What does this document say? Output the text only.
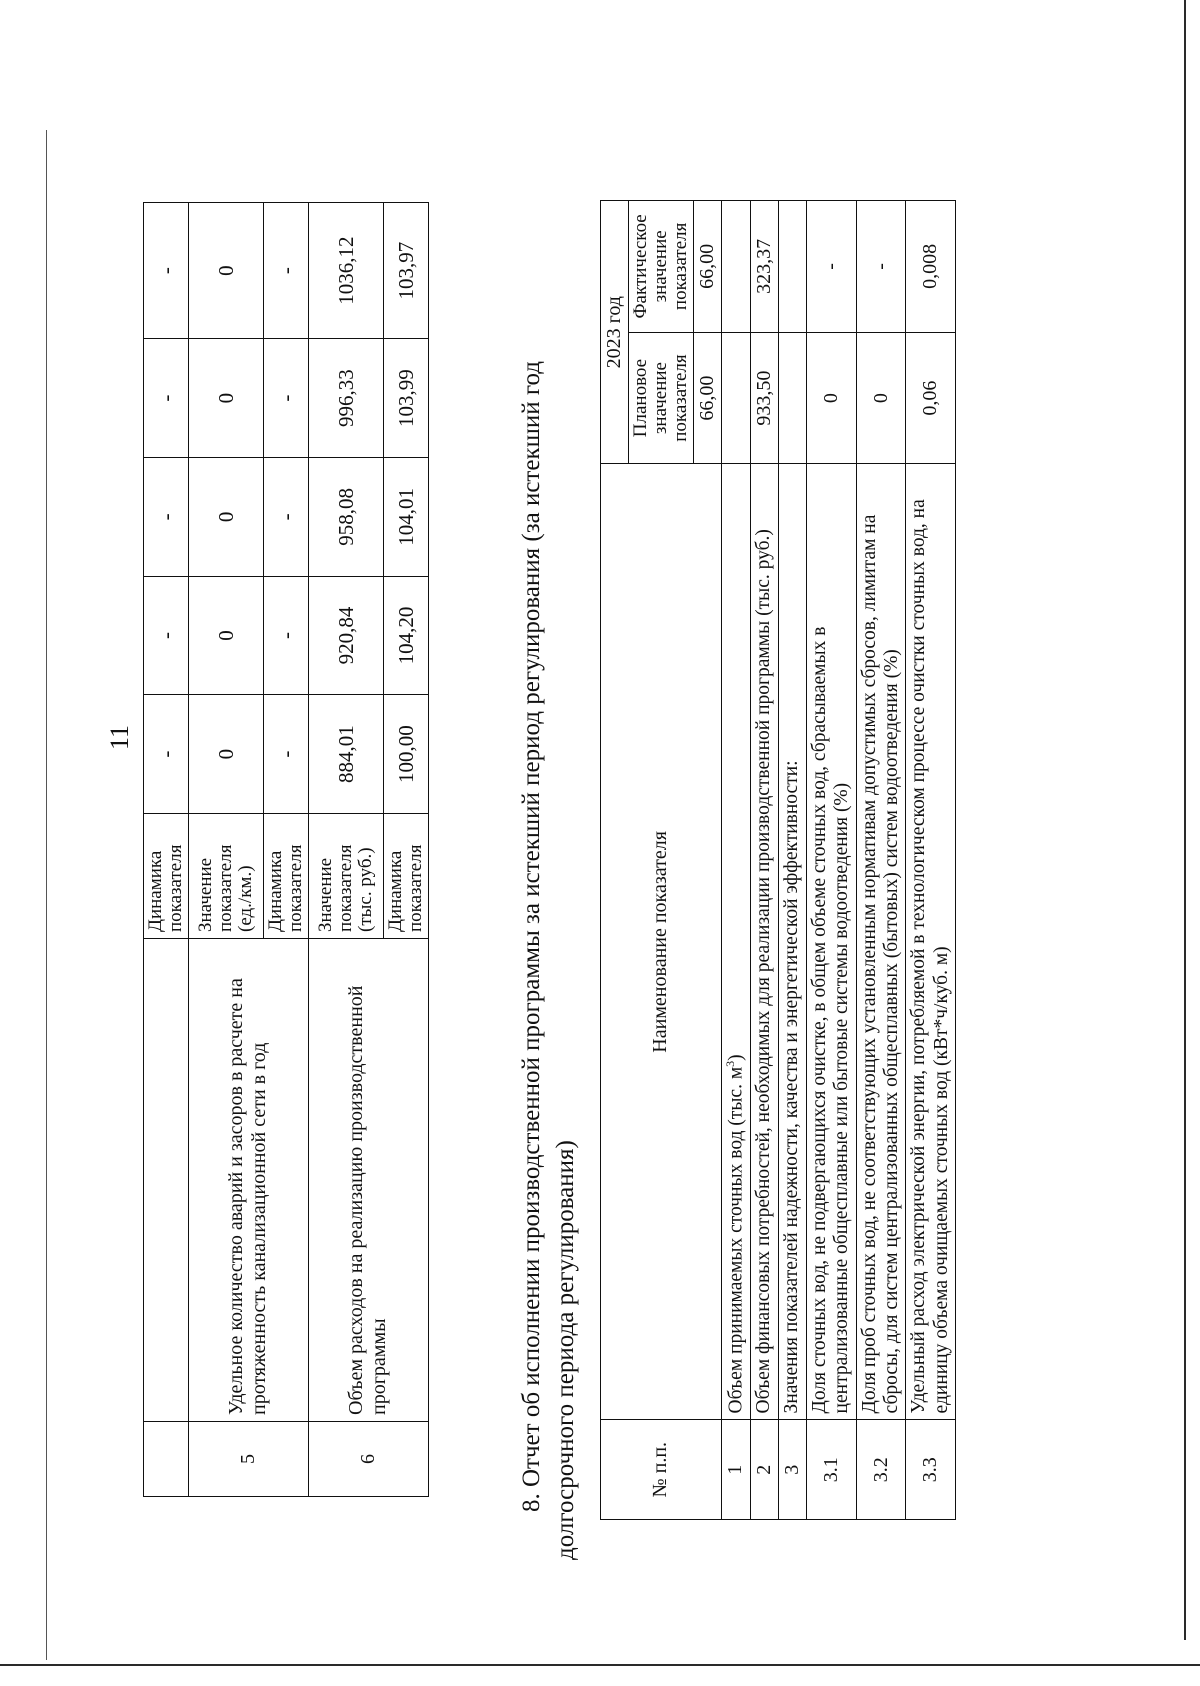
11
		Динамика показателя	-	-	-	-	-
5	Удельное количество аварий и засоров в расчете на протяженность канализационной сети в год	Значение показателя (ед./км.)	0	0	0	0	0
		Динамика показателя	-	-	-	-	-
6	Объем расходов на реализацию производственной программы	Значение показателя (тыс. руб.)	884,01	920,84	958,08	996,33	1036,12
		Динамика показателя	100,00	104,20	104,01	103,99	103,97
8. Отчет об исполнении производственной программы за истекший период регулирования (за истекший год долгосрочного периода регулирования)	№ п.п.	Наименование показателя	2023 год	
		Плановое значение показателя	Фактическое значение показателя
		66,00	66,00
1	Объем принимаемых сточных вод (тыс. $м^3$)		
2	Объем финансовых потребностей, необходимых для реализации производственной программы (тыс. руб.)	933,50	323,37
3	Значения показателей надежности, качества и энергетической эффективности:		
3.1	Доля сточных вод, не подвергающихся очистке, в общем объеме сточных вод, сбрасываемых в централизованные общесплавные или бытовые системы водоотведения (%)	0	-
3.2	Доля проб сточных вод, не соответствующих установленным нормативам допустимых сбросов, лимитам на сбросы, для систем централизованных общесплавных (бытовых) систем водоотведения (%)	0	-
3.3	Удельный расход электрической энергии, потребляемой в технологическом процессе очистки сточных вод, на единицу объема очищаемых сточных вод (кВт*ч/куб. м)	0,06	0,008
